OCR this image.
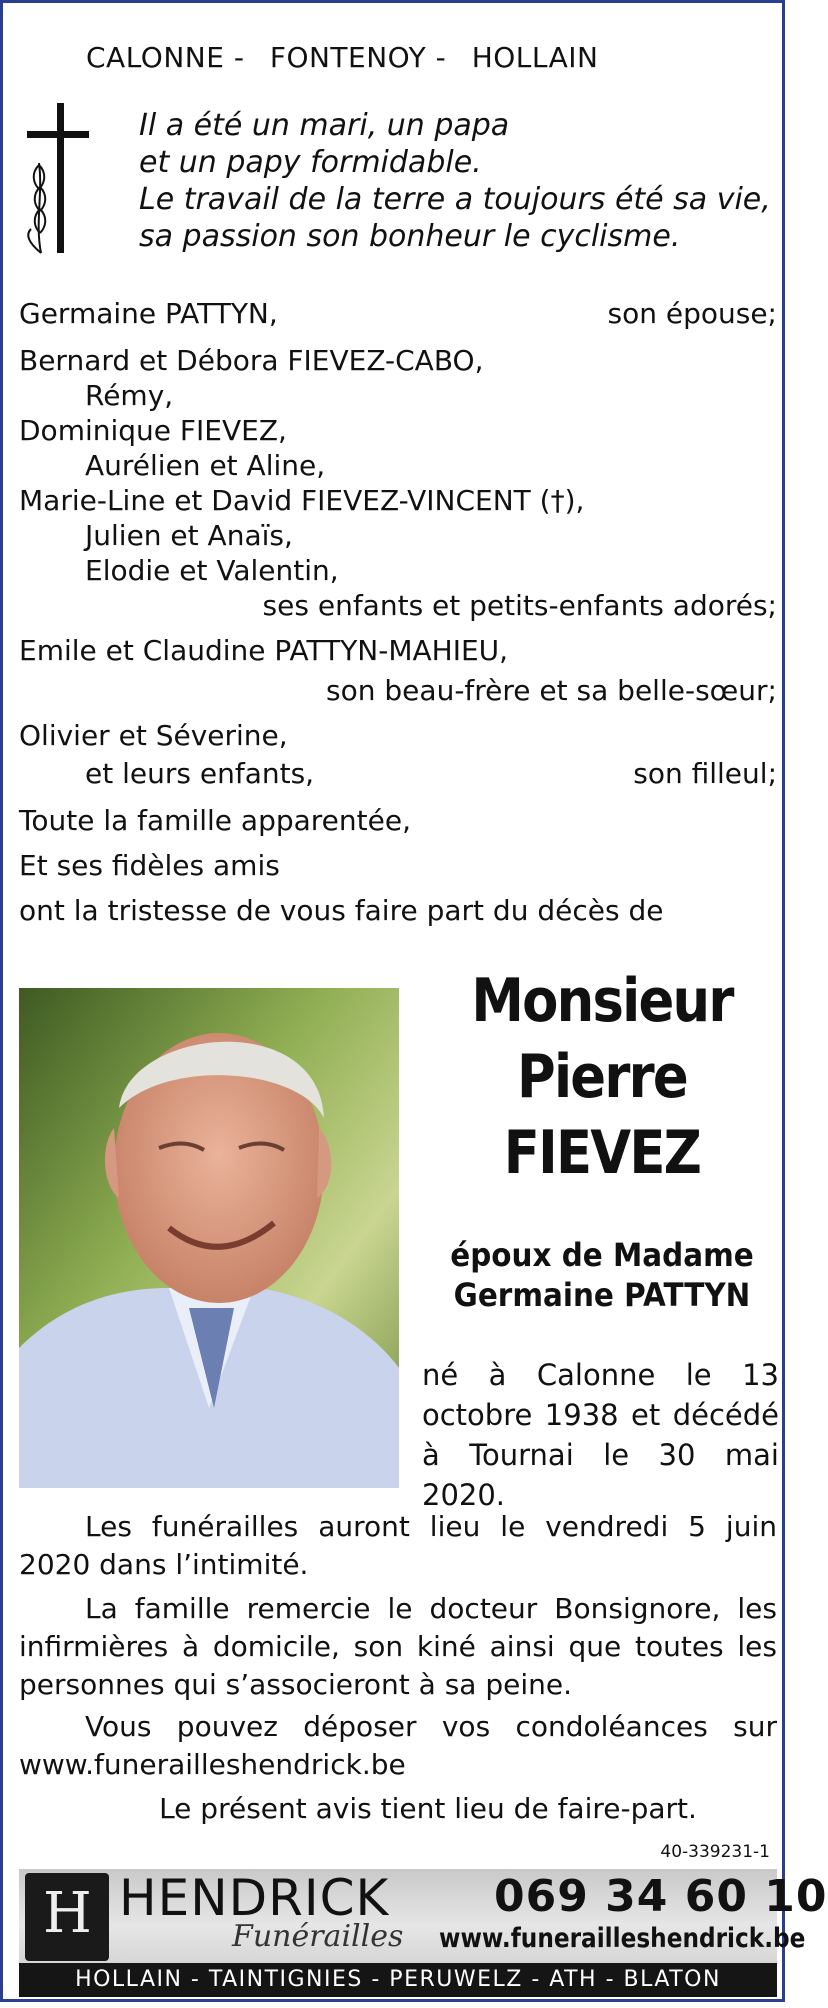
CALONNE - FONTENOY - HOLLAIN
Il a été un mari, un papa
et un papy formidable.
Le travail de la terre a toujours été sa vie,
sa passion son bonheur le cyclisme.
Germaine PATTYN,	son épouse;
Bernard et Débora FIEVEZ-CABO,
Rémy,
Dominique FIEVEZ,
Aurélien et Aline,
Marie-Line et David FIEVEZ-VINCENT (†),
Julien et Anaïs,
Elodie et Valentin,
ses enfants et petits-enfants adorés;
Emile et Claudine PATTYN-MAHIEU,
son beau-frère et sa belle-sœur;
Olivier et Séverine,
et leurs enfants,	son filleul;
Toute la famille apparentée,
Et ses fidèles amis
ont la tristesse de vous faire part du décès de
Monsieur
Pierre
FIEVEZ
époux de Madame
Germaine PATTYN
né à Calonne le 13 octobre 1938 et décédé à Tournai le 30 mai 2020.
Les funérailles auront lieu le vendredi 5 juin 2020 dans l’intimité.
La famille remercie le docteur Bonsignore, les infirmières à domicile, son kiné ainsi que toutes les personnes qui s’associeront à sa peine.
Vous pouvez déposer vos condoléances sur www.funerailleshendrick.be
Le présent avis tient lieu de faire-part.
40-339231-1
H HENDRICK
Funérailles
069 34 60 10
www.funerailleshendrick.be
HOLLAIN - TAINTIGNIES - PERUWELZ - ATH - BLATON
